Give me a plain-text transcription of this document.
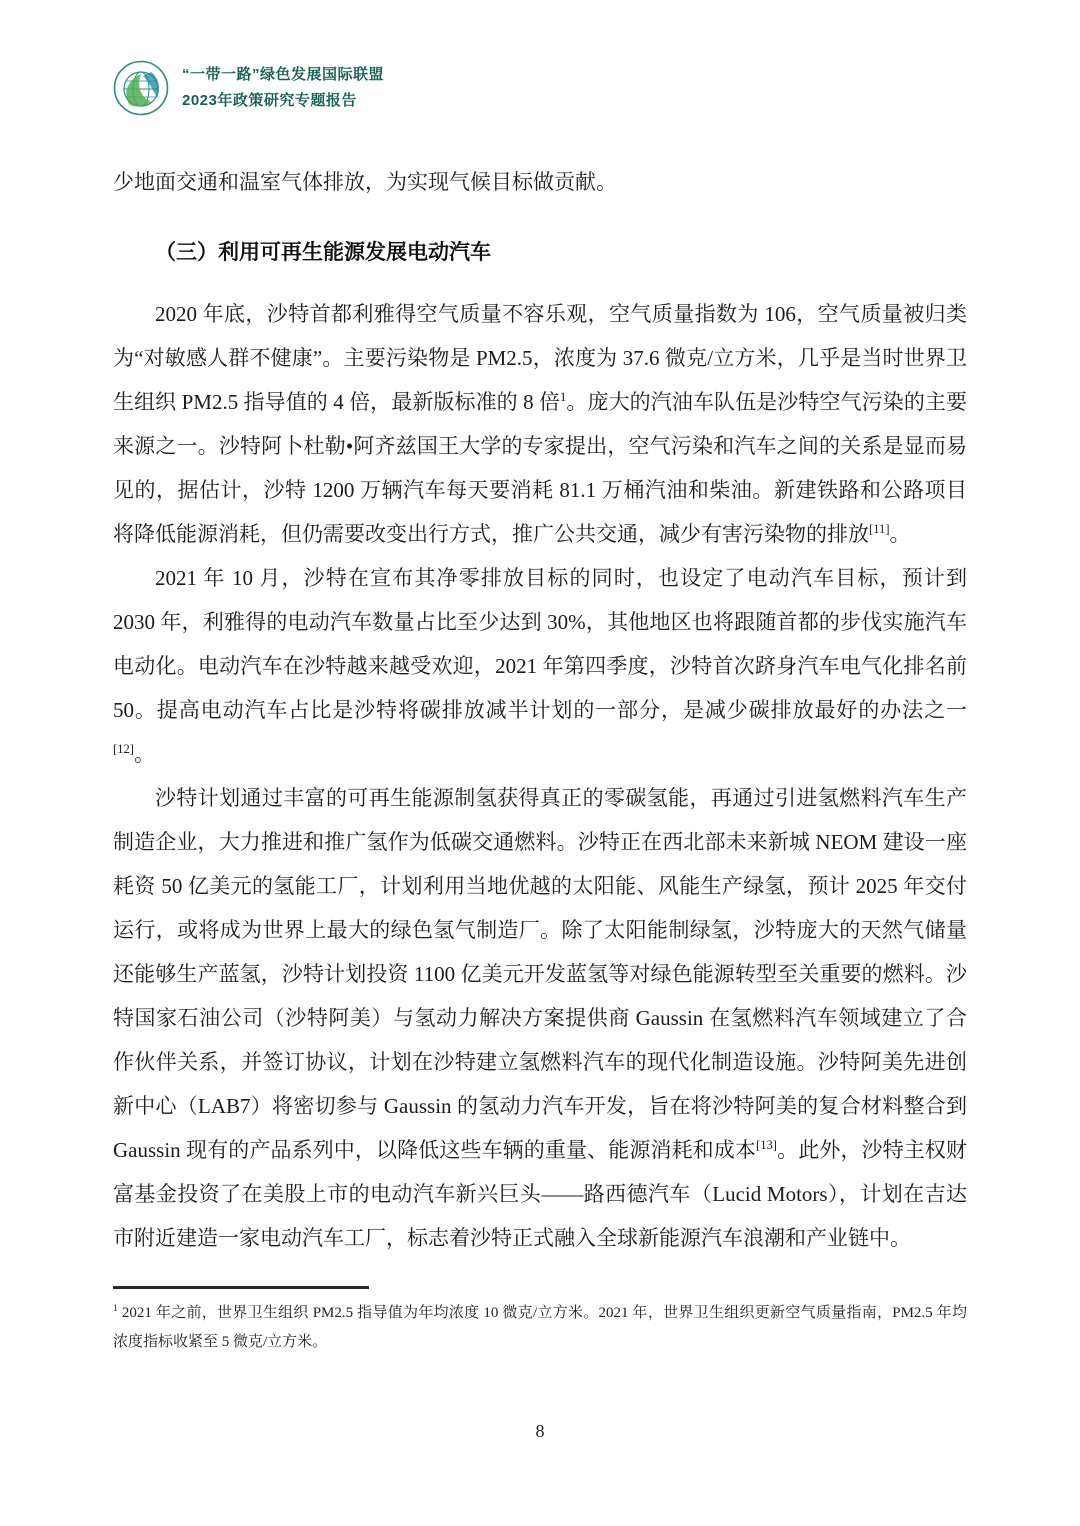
“一带一路”绿色发展国际联盟
2023年政策研究专题报告

少地面交通和温室气体排放，为实现气候目标做贡献。

（三）利用可再生能源发展电动汽车

2020 年底，沙特首都利雅得空气质量不容乐观，空气质量指数为 106，空气质量被归类为“对敏感人群不健康”。主要污染物是 PM2.5，浓度为 37.6 微克/立方米，几乎是当时世界卫生组织 PM2.5 指导值的 4 倍，最新版标准的 8 倍$^1$。庞大的汽油车队伍是沙特空气污染的主要来源之一。沙特阿卜杜勒•阿齐兹国王大学的专家提出，空气污染和汽车之间的关系是显而易见的，据估计，沙特 1200 万辆汽车每天要消耗 81.1 万桶汽油和柴油。新建铁路和公路项目将降低能源消耗，但仍需要改变出行方式，推广公共交通，减少有害污染物的排放[11]。

2021 年 10 月，沙特在宣布其净零排放目标的同时，也设定了电动汽车目标，预计到 2030 年，利雅得的电动汽车数量占比至少达到 30%，其他地区也将跟随首都的步伐实施汽车电动化。电动汽车在沙特越来越受欢迎，2021 年第四季度，沙特首次跻身汽车电气化排名前 50。提高电动汽车占比是沙特将碳排放减半计划的一部分，是减少碳排放最好的办法之一[12]。

沙特计划通过丰富的可再生能源制氢获得真正的零碳氢能，再通过引进氢燃料汽车生产制造企业，大力推进和推广氢作为低碳交通燃料。沙特正在西北部未来新城 NEOM 建设一座耗资 50 亿美元的氢能工厂，计划利用当地优越的太阳能、风能生产绿氢，预计 2025 年交付运行，或将成为世界上最大的绿色氢气制造厂。除了太阳能制绿氢，沙特庞大的天然气储量还能够生产蓝氢，沙特计划投资 1100 亿美元开发蓝氢等对绿色能源转型至关重要的燃料。沙特国家石油公司（沙特阿美）与氢动力解决方案提供商 Gaussin 在氢燃料汽车领域建立了合作伙伴关系，并签订协议，计划在沙特建立氢燃料汽车的现代化制造设施。沙特阿美先进创新中心（LAB7）将密切参与 Gaussin 的氢动力汽车开发，旨在将沙特阿美的复合材料整合到 Gaussin 现有的产品系列中，以降低这些车辆的重量、能源消耗和成本[13]。此外，沙特主权财富基金投资了在美股上市的电动汽车新兴巨头——路西德汽车（Lucid Motors），计划在吉达市附近建造一家电动汽车工厂，标志着沙特正式融入全球新能源汽车浪潮和产业链中。

$^1$ 2021 年之前，世界卫生组织 PM2.5 指导值为年均浓度 10 微克/立方米。2021 年，世界卫生组织更新空气质量指南，PM2.5 年均浓度指标收紧至 5 微克/立方米。

8
